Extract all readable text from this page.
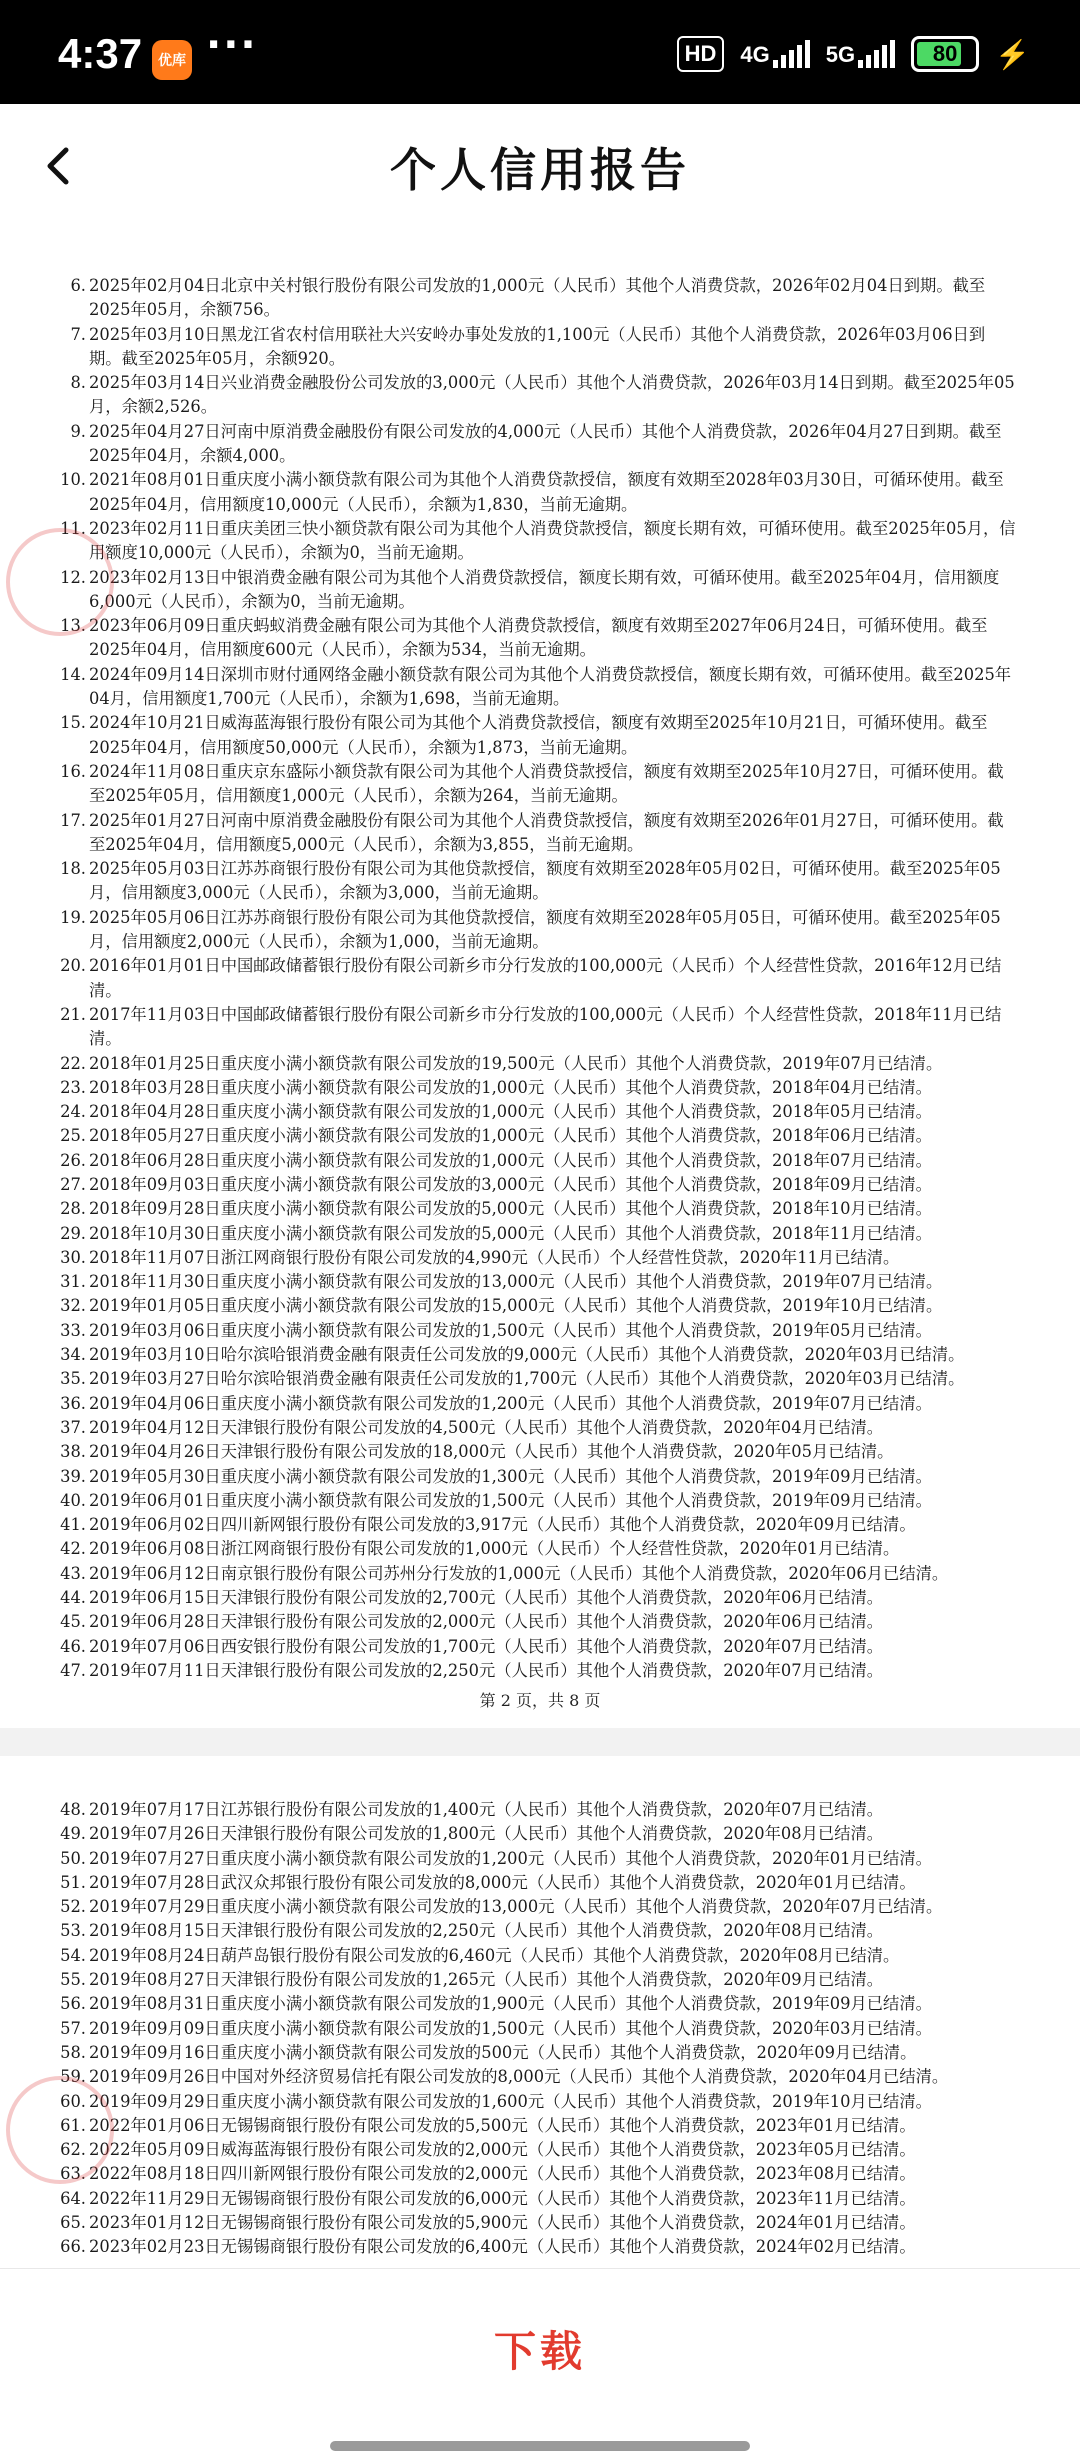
4:37	优库 ···	HD	4G	5G	80 ⚡
个人信用报告
6. 2025年02月04日北京中关村银行股份有限公司发放的1,000元（人民币）其他个人消费贷款，2026年02月04日到期。截至2025年05月，余额756。
7. 2025年03月10日黑龙江省农村信用联社大兴安岭办事处发放的1,100元（人民币）其他个人消费贷款，2026年03月06日到期。截至2025年05月，余额920。
8. 2025年03月14日兴业消费金融股份公司发放的3,000元（人民币）其他个人消费贷款，2026年03月14日到期。截至2025年05月，余额2,526。
9. 2025年04月27日河南中原消费金融股份有限公司发放的4,000元（人民币）其他个人消费贷款，2026年04月27日到期。截至2025年04月，余额4,000。
10. 2021年08月01日重庆度小满小额贷款有限公司为其他个人消费贷款授信，额度有效期至2028年03月30日，可循环使用。截至2025年04月，信用额度10,000元（人民币），余额为1,830，当前无逾期。
11. 2023年02月11日重庆美团三快小额贷款有限公司为其他个人消费贷款授信，额度长期有效，可循环使用。截至2025年05月，信用额度10,000元（人民币），余额为0，当前无逾期。
12. 2023年02月13日中银消费金融有限公司为其他个人消费贷款授信，额度长期有效，可循环使用。截至2025年04月，信用额度6,000元（人民币），余额为0，当前无逾期。
13. 2023年06月09日重庆蚂蚁消费金融有限公司为其他个人消费贷款授信，额度有效期至2027年06月24日，可循环使用。截至2025年04月，信用额度600元（人民币），余额为534，当前无逾期。
14. 2024年09月14日深圳市财付通网络金融小额贷款有限公司为其他个人消费贷款授信，额度长期有效，可循环使用。截至2025年04月，信用额度1,700元（人民币），余额为1,698，当前无逾期。
15. 2024年10月21日威海蓝海银行股份有限公司为其他个人消费贷款授信，额度有效期至2025年10月21日，可循环使用。截至2025年04月，信用额度50,000元（人民币），余额为1,873，当前无逾期。
16. 2024年11月08日重庆京东盛际小额贷款有限公司为其他个人消费贷款授信，额度有效期至2025年10月27日，可循环使用。截至2025年05月，信用额度1,000元（人民币），余额为264，当前无逾期。
17. 2025年01月27日河南中原消费金融股份有限公司为其他个人消费贷款授信，额度有效期至2026年01月27日，可循环使用。截至2025年04月，信用额度5,000元（人民币），余额为3,855，当前无逾期。
18. 2025年05月03日江苏苏商银行股份有限公司为其他贷款授信，额度有效期至2028年05月02日，可循环使用。截至2025年05月，信用额度3,000元（人民币），余额为3,000，当前无逾期。
19. 2025年05月06日江苏苏商银行股份有限公司为其他贷款授信，额度有效期至2028年05月05日，可循环使用。截至2025年05月，信用额度2,000元（人民币），余额为1,000，当前无逾期。
20. 2016年01月01日中国邮政储蓄银行股份有限公司新乡市分行发放的100,000元（人民币）个人经营性贷款，2016年12月已结清。
21. 2017年11月03日中国邮政储蓄银行股份有限公司新乡市分行发放的100,000元（人民币）个人经营性贷款，2018年11月已结清。
22. 2018年01月25日重庆度小满小额贷款有限公司发放的19,500元（人民币）其他个人消费贷款，2019年07月已结清。
23. 2018年03月28日重庆度小满小额贷款有限公司发放的1,000元（人民币）其他个人消费贷款，2018年04月已结清。
24. 2018年04月28日重庆度小满小额贷款有限公司发放的1,000元（人民币）其他个人消费贷款，2018年05月已结清。
25. 2018年05月27日重庆度小满小额贷款有限公司发放的1,000元（人民币）其他个人消费贷款，2018年06月已结清。
26. 2018年06月28日重庆度小满小额贷款有限公司发放的1,000元（人民币）其他个人消费贷款，2018年07月已结清。
27. 2018年09月03日重庆度小满小额贷款有限公司发放的3,000元（人民币）其他个人消费贷款，2018年09月已结清。
28. 2018年09月28日重庆度小满小额贷款有限公司发放的5,000元（人民币）其他个人消费贷款，2018年10月已结清。
29. 2018年10月30日重庆度小满小额贷款有限公司发放的5,000元（人民币）其他个人消费贷款，2018年11月已结清。
30. 2018年11月07日浙江网商银行股份有限公司发放的4,990元（人民币）个人经营性贷款，2020年11月已结清。
31. 2018年11月30日重庆度小满小额贷款有限公司发放的13,000元（人民币）其他个人消费贷款，2019年07月已结清。
32. 2019年01月05日重庆度小满小额贷款有限公司发放的15,000元（人民币）其他个人消费贷款，2019年10月已结清。
33. 2019年03月06日重庆度小满小额贷款有限公司发放的1,500元（人民币）其他个人消费贷款，2019年05月已结清。
34. 2019年03月10日哈尔滨哈银消费金融有限责任公司发放的9,000元（人民币）其他个人消费贷款，2020年03月已结清。
35. 2019年03月27日哈尔滨哈银消费金融有限责任公司发放的1,700元（人民币）其他个人消费贷款，2020年03月已结清。
36. 2019年04月06日重庆度小满小额贷款有限公司发放的1,200元（人民币）其他个人消费贷款，2019年07月已结清。
37. 2019年04月12日天津银行股份有限公司发放的4,500元（人民币）其他个人消费贷款，2020年04月已结清。
38. 2019年04月26日天津银行股份有限公司发放的18,000元（人民币）其他个人消费贷款，2020年05月已结清。
39. 2019年05月30日重庆度小满小额贷款有限公司发放的1,300元（人民币）其他个人消费贷款，2019年09月已结清。
40. 2019年06月01日重庆度小满小额贷款有限公司发放的1,500元（人民币）其他个人消费贷款，2019年09月已结清。
41. 2019年06月02日四川新网银行股份有限公司发放的3,917元（人民币）其他个人消费贷款，2020年09月已结清。
42. 2019年06月08日浙江网商银行股份有限公司发放的1,000元（人民币）个人经营性贷款，2020年01月已结清。
43. 2019年06月12日南京银行股份有限公司苏州分行发放的1,000元（人民币）其他个人消费贷款，2020年06月已结清。
44. 2019年06月15日天津银行股份有限公司发放的2,700元（人民币）其他个人消费贷款，2020年06月已结清。
45. 2019年06月28日天津银行股份有限公司发放的2,000元（人民币）其他个人消费贷款，2020年06月已结清。
46. 2019年07月06日西安银行股份有限公司发放的1,700元（人民币）其他个人消费贷款，2020年07月已结清。
47. 2019年07月11日天津银行股份有限公司发放的2,250元（人民币）其他个人消费贷款，2020年07月已结清。
第 2 页，共 8 页
48. 2019年07月17日江苏银行股份有限公司发放的1,400元（人民币）其他个人消费贷款，2020年07月已结清。
49. 2019年07月26日天津银行股份有限公司发放的1,800元（人民币）其他个人消费贷款，2020年08月已结清。
50. 2019年07月27日重庆度小满小额贷款有限公司发放的1,200元（人民币）其他个人消费贷款，2020年01月已结清。
51. 2019年07月28日武汉众邦银行股份有限公司发放的8,000元（人民币）其他个人消费贷款，2020年01月已结清。
52. 2019年07月29日重庆度小满小额贷款有限公司发放的13,000元（人民币）其他个人消费贷款，2020年07月已结清。
53. 2019年08月15日天津银行股份有限公司发放的2,250元（人民币）其他个人消费贷款，2020年08月已结清。
54. 2019年08月24日葫芦岛银行股份有限公司发放的6,460元（人民币）其他个人消费贷款，2020年08月已结清。
55. 2019年08月27日天津银行股份有限公司发放的1,265元（人民币）其他个人消费贷款，2020年09月已结清。
56. 2019年08月31日重庆度小满小额贷款有限公司发放的1,900元（人民币）其他个人消费贷款，2019年09月已结清。
57. 2019年09月09日重庆度小满小额贷款有限公司发放的1,500元（人民币）其他个人消费贷款，2020年03月已结清。
58. 2019年09月16日重庆度小满小额贷款有限公司发放的500元（人民币）其他个人消费贷款，2020年09月已结清。
59. 2019年09月26日中国对外经济贸易信托有限公司发放的8,000元（人民币）其他个人消费贷款，2020年04月已结清。
60. 2019年09月29日重庆度小满小额贷款有限公司发放的1,600元（人民币）其他个人消费贷款，2019年10月已结清。
61. 2022年01月06日无锡锡商银行股份有限公司发放的5,500元（人民币）其他个人消费贷款，2023年01月已结清。
62. 2022年05月09日威海蓝海银行股份有限公司发放的2,000元（人民币）其他个人消费贷款，2023年05月已结清。
63. 2022年08月18日四川新网银行股份有限公司发放的2,000元（人民币）其他个人消费贷款，2023年08月已结清。
64. 2022年11月29日无锡锡商银行股份有限公司发放的6,000元（人民币）其他个人消费贷款，2023年11月已结清。
65. 2023年01月12日无锡锡商银行股份有限公司发放的5,900元（人民币）其他个人消费贷款，2024年01月已结清。
66. 2023年02月23日无锡锡商银行股份有限公司发放的6,400元（人民币）其他个人消费贷款，2024年02月已结清。
下载
